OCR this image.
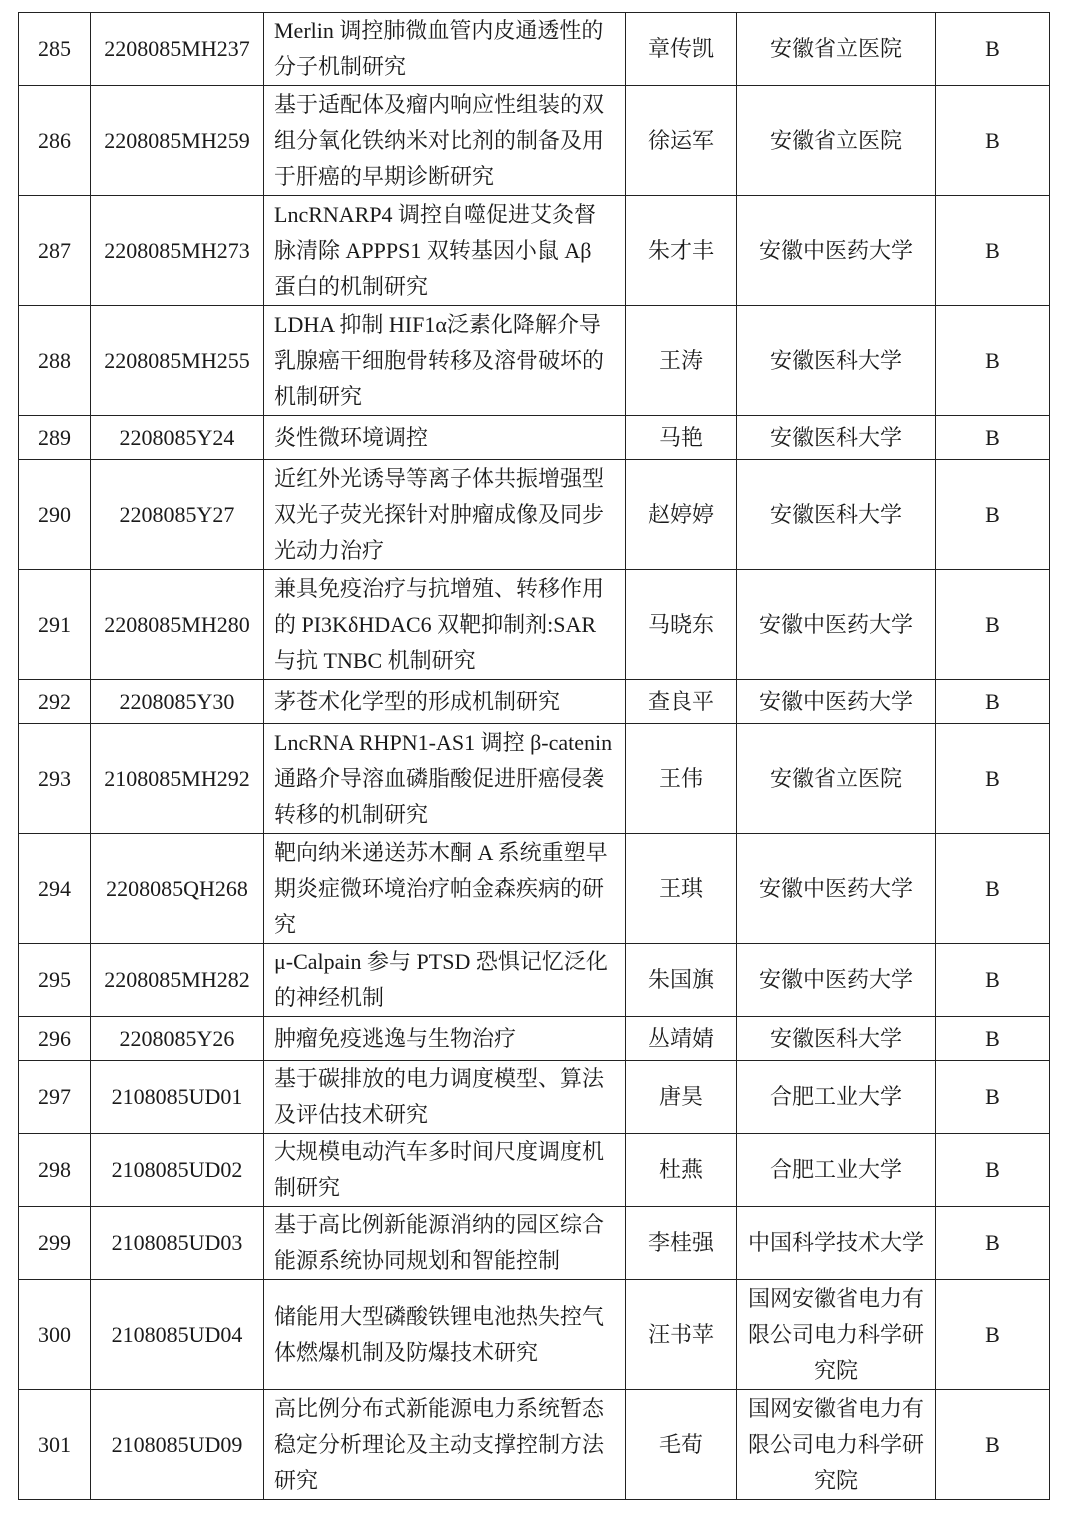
285	2208085MH237	Merlin 调控肺微血管内皮通透性的分子机制研究	章传凯	安徽省立医院	B
286	2208085MH259	基于适配体及瘤内响应性组装的双组分氧化铁纳米对比剂的制备及用于肝癌的早期诊断研究	徐运军	安徽省立医院	B
287	2208085MH273	LncRNARP4 调控自噬促进艾灸督脉清除 APPPS1 双转基因小鼠 Aβ 蛋白的机制研究	朱才丰	安徽中医药大学	B
288	2208085MH255	LDHA 抑制 HIF1α泛素化降解介导乳腺癌干细胞骨转移及溶骨破坏的机制研究	王涛	安徽医科大学	B
289	2208085Y24	炎性微环境调控	马艳	安徽医科大学	B
290	2208085Y27	近红外光诱导等离子体共振增强型双光子荧光探针对肿瘤成像及同步光动力治疗	赵婷婷	安徽医科大学	B
291	2208085MH280	兼具免疫治疗与抗增殖、转移作用的 PI3KδHDAC6 双靶抑制剂:SAR 与抗 TNBC 机制研究	马晓东	安徽中医药大学	B
292	2208085Y30	茅苍术化学型的形成机制研究	查良平	安徽中医药大学	B
293	2108085MH292	LncRNA RHPN1-AS1 调控 β-catenin 通路介导溶血磷脂酸促进肝癌侵袭转移的机制研究	王伟	安徽省立医院	B
294	2208085QH268	靶向纳米递送苏木酮 A 系统重塑早期炎症微环境治疗帕金森疾病的研究	王琪	安徽中医药大学	B
295	2208085MH282	μ-Calpain 参与 PTSD 恐惧记忆泛化的神经机制	朱国旗	安徽中医药大学	B
296	2208085Y26	肿瘤免疫逃逸与生物治疗	丛靖婧	安徽医科大学	B
297	2108085UD01	基于碳排放的电力调度模型、算法及评估技术研究	唐昊	合肥工业大学	B
298	2108085UD02	大规模电动汽车多时间尺度调度机制研究	杜燕	合肥工业大学	B
299	2108085UD03	基于高比例新能源消纳的园区综合能源系统协同规划和智能控制	李桂强	中国科学技术大学	B
300	2108085UD04	储能用大型磷酸铁锂电池热失控气体燃爆机制及防爆技术研究	汪书苹	国网安徽省电力有限公司电力科学研究院	B
301	2108085UD09	高比例分布式新能源电力系统暂态稳定分析理论及主动支撑控制方法研究	毛荀	国网安徽省电力有限公司电力科学研究院	B
